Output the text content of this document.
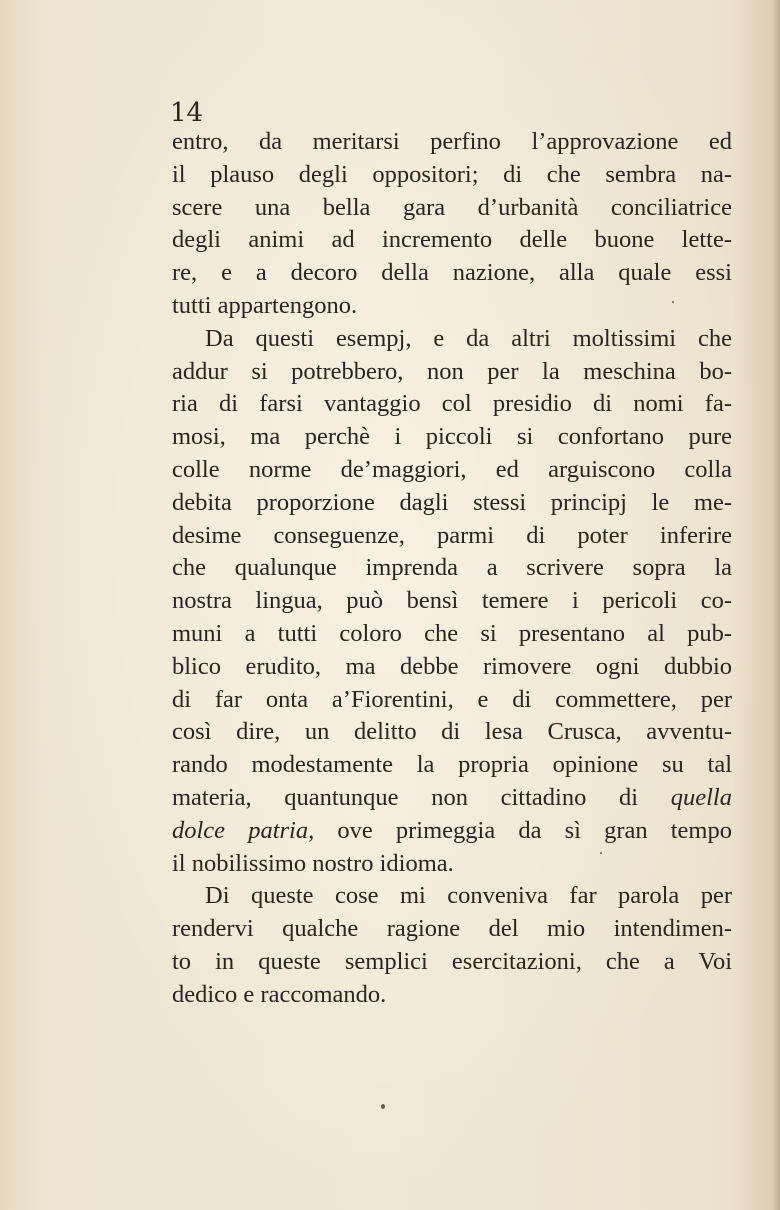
14
entro, da meritarsi perfino l’approvazione ed
il plauso degli oppositori; di che sembra na-
scere una bella gara d’urbanità conciliatrice
degli animi ad incremento delle buone lette-
re, e a decoro della nazione, alla quale essi
tutti appartengono.
Da questi esempj, e da altri moltissimi che
addur si potrebbero, non per la meschina bo-
ria di farsi vantaggio col presidio di nomi fa-
mosi, ma perchè i piccoli si confortano pure
colle norme de’maggiori, ed arguiscono colla
debita proporzione dagli stessi principj le me-
desime conseguenze, parmi di poter inferire
che qualunque imprenda a scrivere sopra la
nostra lingua, può bensì temere i pericoli co-
muni a tutti coloro che si presentano al pub-
blico erudito, ma debbe rimovere ogni dubbio
di far onta a’Fiorentini, e di commettere, per
così dire, un delitto di lesa Crusca, avventu-
rando modestamente la propria opinione su tal
materia, quantunque non cittadino di quella
dolce patria, ove primeggia da sì gran tempo
il nobilissimo nostro idioma.
Di queste cose mi conveniva far parola per
rendervi qualche ragione del mio intendimen-
to in queste semplici esercitazioni, che a Voi
dedico e raccomando.
